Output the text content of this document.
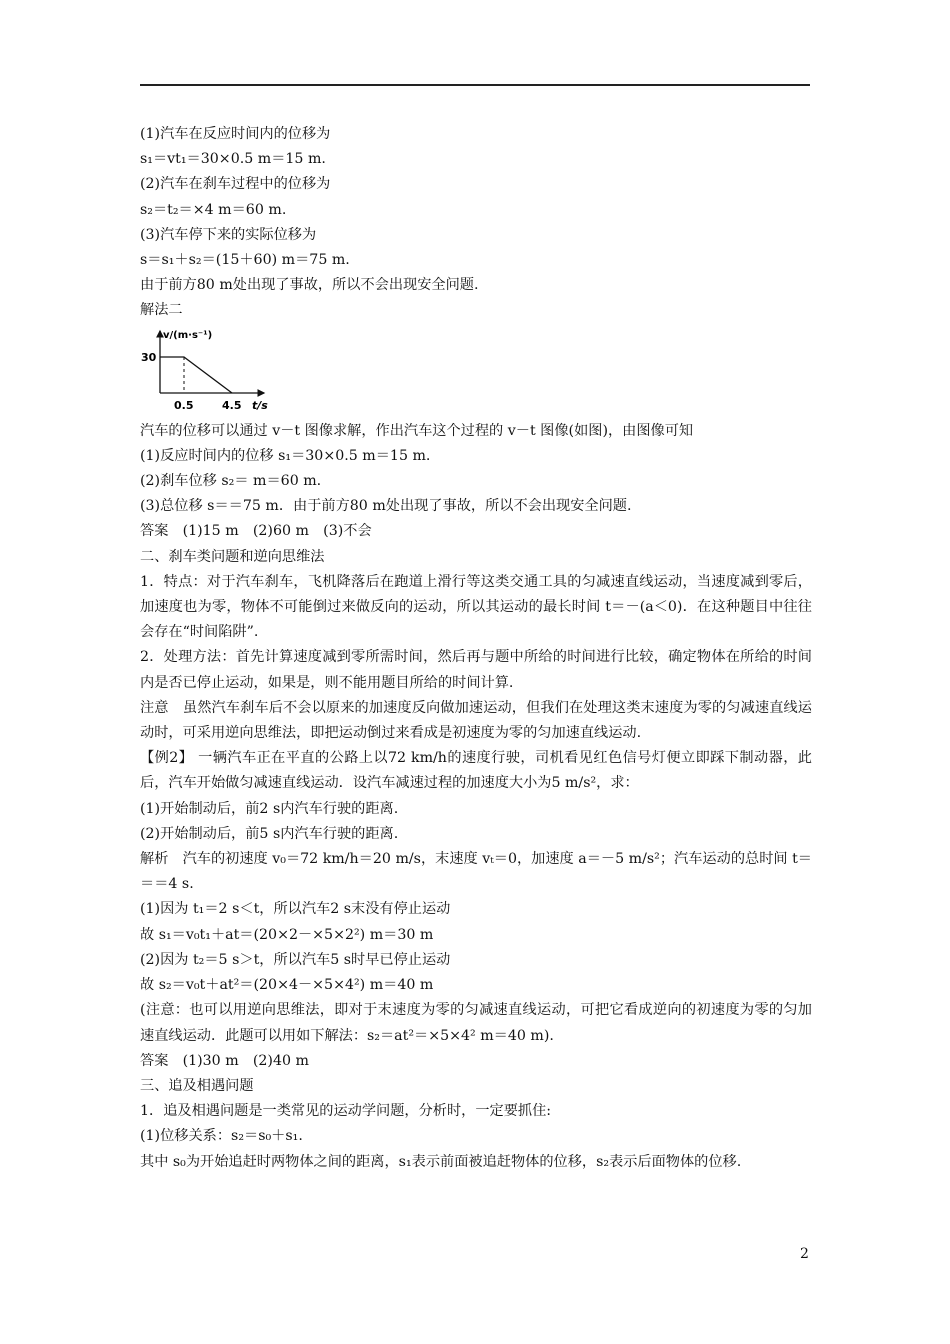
(1)汽车在反应时间内的位移为
s₁＝vt₁＝30×0.5 m＝15 m.
(2)汽车在刹车过程中的位移为
s₂＝t₂＝×4 m＝60 m.
(3)汽车停下来的实际位移为
s＝s₁＋s₂＝(15＋60) m＝75 m.
由于前方80 m处出现了事故，所以不会出现安全问题.
解法二
v/(m·s⁻¹)
30
0.5	4.5 t/s
汽车的位移可以通过 v－t 图像求解，作出汽车这个过程的 v－t 图像(如图)，由图像可知
(1)反应时间内的位移 s₁＝30×0.5 m＝15 m.
(2)刹车位移 s₂＝ m＝60 m.
(3)总位移 s＝＝75 m．由于前方80 m处出现了事故，所以不会出现安全问题.
答案　(1)15 m　(2)60 m　(3)不会
二、刹车类问题和逆向思维法
1．特点：对于汽车刹车，飞机降落后在跑道上滑行等这类交通工具的匀减速直线运动，当速度减到零后，加速度也为零，物体不可能倒过来做反向的运动，所以其运动的最长时间 t＝－(a＜0)．在这种题目中往往会存在“时间陷阱”.
2．处理方法：首先计算速度减到零所需时间，然后再与题中所给的时间进行比较，确定物体在所给的时间内是否已停止运动，如果是，则不能用题目所给的时间计算.
注意　虽然汽车刹车后不会以原来的加速度反向做加速运动，但我们在处理这类末速度为零的匀减速直线运动时，可采用逆向思维法，即把运动倒过来看成是初速度为零的匀加速直线运动.
【例2】 一辆汽车正在平直的公路上以72 km/h的速度行驶，司机看见红色信号灯便立即踩下制动器，此后，汽车开始做匀减速直线运动．设汽车减速过程的加速度大小为5 m/s²，求：
(1)开始制动后，前2 s内汽车行驶的距离.
(2)开始制动后，前5 s内汽车行驶的距离.
解析　汽车的初速度 v₀＝72 km/h＝20 m/s，末速度 vₜ＝0，加速度 a＝－5 m/s²；汽车运动的总时间 t＝＝＝4 s.
(1)因为 t₁＝2 s＜t，所以汽车2 s末没有停止运动
故 s₁＝v₀t₁＋at＝(20×2－×5×2²) m＝30 m
(2)因为 t₂＝5 s＞t，所以汽车5 s时早已停止运动
故 s₂＝v₀t＋at²＝(20×4－×5×4²) m＝40 m
(注意：也可以用逆向思维法，即对于末速度为零的匀减速直线运动，可把它看成逆向的初速度为零的匀加速直线运动．此题可以用如下解法：s₂＝at²＝×5×4² m＝40 m).
答案　(1)30 m　(2)40 m
三、追及相遇问题
1．追及相遇问题是一类常见的运动学问题，分析时，一定要抓住:
(1)位移关系：s₂＝s₀＋s₁.
其中 s₀为开始追赶时两物体之间的距离，s₁表示前面被追赶物体的位移，s₂表示后面物体的位移.
2
